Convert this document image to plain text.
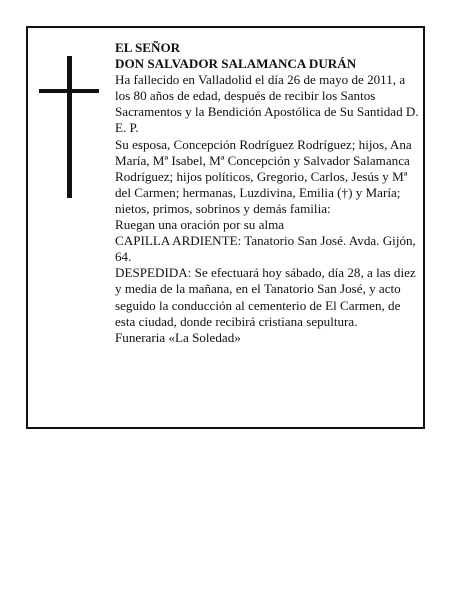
EL SEÑOR

DON SALVADOR SALAMANCA DURÁN

Ha fallecido en Valladolid el día 26 de mayo de 2011, a los 80 años de edad, después de recibir los Santos Sacramentos y la Bendición Apostólica de Su Santidad D. E. P.

Su esposa, Concepción Rodríguez Rodríguez; hijos, Ana María, Mª Isabel, Mª Concepción y Salvador Salamanca Rodríguez; hijos políticos, Gregorio, Carlos, Jesús y Mª del Carmen; hermanas, Luzdivina, Emilia (†) y María; nietos, primos, sobrinos y demás familia:

Ruegan una oración por su alma

CAPILLA ARDIENTE: Tanatorio San José. Avda. Gijón, 64.

DESPEDIDA: Se efectuará hoy sábado, día 28, a las diez y media de la mañana, en el Tanatorio San José, y acto seguido la conducción al cementerio de El Carmen, de esta ciudad, donde recibirá cristiana sepultura.

Funeraria «La Soledad»
